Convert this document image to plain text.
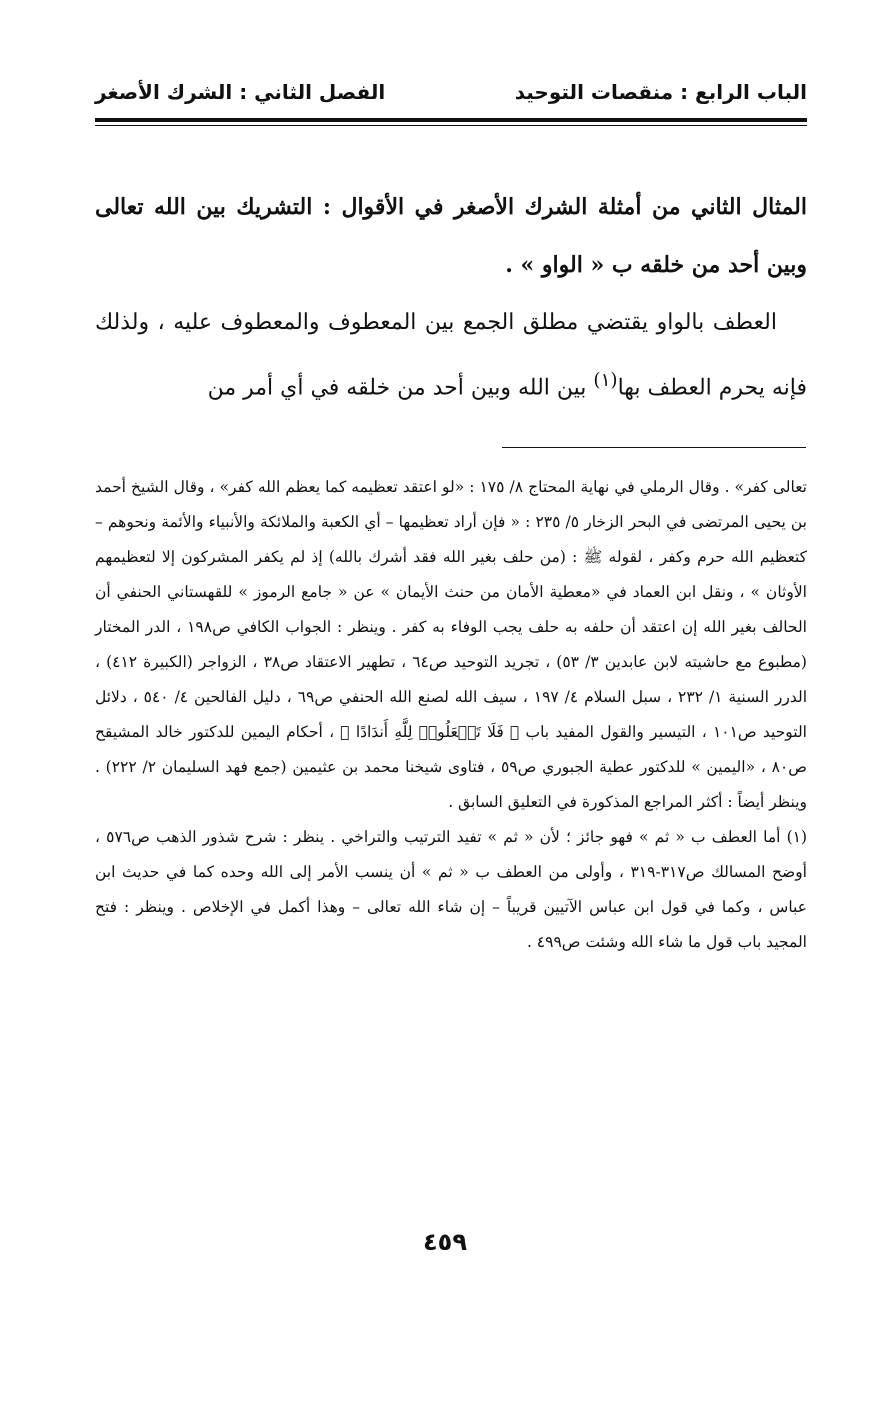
الباب الرابع : منقصات التوحيد
الفصل الثاني : الشرك الأصغر

المثال الثاني من أمثلة الشرك الأصغر في الأقوال : التشريك بين الله تعالى وبين أحد من خلقه ب « الواو » .

العطف بالواو يقتضي مطلق الجمع بين المعطوف والمعطوف عليه ، ولذلك فإنه يحرم العطف بها$^{(١)}$ بين الله وبين أحد من خلقه في أي أمر من

تعالى كفر» . وقال الرملي في نهاية المحتاج ٨/ ١٧٥ : «لو اعتقد تعظيمه كما يعظم الله كفر» ، وقال الشيخ أحمد بن يحيى المرتضى في البحر الزخار ٥/ ٢٣٥ : « فإن أراد تعظيمها – أي الكعبة والملائكة والأنبياء والأئمة ونحوهم – كتعظيم الله حرم وكفر ، لقوله ﷺ : (من حلف بغير الله فقد أشرك بالله) إذ لم يكفر المشركون إلا لتعظيمهم الأوثان » ، ونقل ابن العماد في «معطية الأمان من حنث الأيمان » عن « جامع الرموز » للقهستاني الحنفي أن الحالف بغير الله إن اعتقد أن حلفه به حلف يجب الوفاء به كفر . وينظر : الجواب الكافي ص١٩٨ ، الدر المختار (مطبوع مع حاشيته لابن عابدين ٣/ ٥٣) ، تجريد التوحيد ص٦٤ ، تطهير الاعتقاد ص٣٨ ، الزواجر (الكبيرة ٤١٢) ، الدرر السنية ١/ ٢٣٢ ، سبل السلام ٤/ ١٩٧ ، سيف الله لصنع الله الحنفي ص٦٩ ، دليل الفالحين ٤/ ٥٤٠ ، دلائل التوحيد ص١٠١ ، التيسير والقول المفيد باب ﴿ فَلَا تَجۡعَلُوا۟ لِلَّهِ أَندَادًا ﴾ ، أحكام اليمين للدكتور خالد المشيقح ص٨٠ ، «اليمين » للدكتور عطية الجبوري ص٥٩ ، فتاوى شيخنا محمد بن عثيمين (جمع فهد السليمان ٢/ ٢٢٢) . وينظر أيضاً : أكثر المراجع المذكورة في التعليق السابق .

(١) أما العطف ب « ثم » فهو جائز ؛ لأن « ثم » تفيد الترتيب والتراخي . ينظر : شرح شذور الذهب ص٥٧٦ ، أوضح المسالك ص٣١٧-٣١٩ ، وأولى من العطف ب « ثم » أن ينسب الأمر إلى الله وحده كما في حديث ابن عباس ، وكما في قول ابن عباس الآتيين قريباً – إن شاء الله تعالى – وهذا أكمل في الإخلاص . وينظر : فتح المجيد باب قول ما شاء الله وشئت ص٤٩٩ .

٤٥٩
